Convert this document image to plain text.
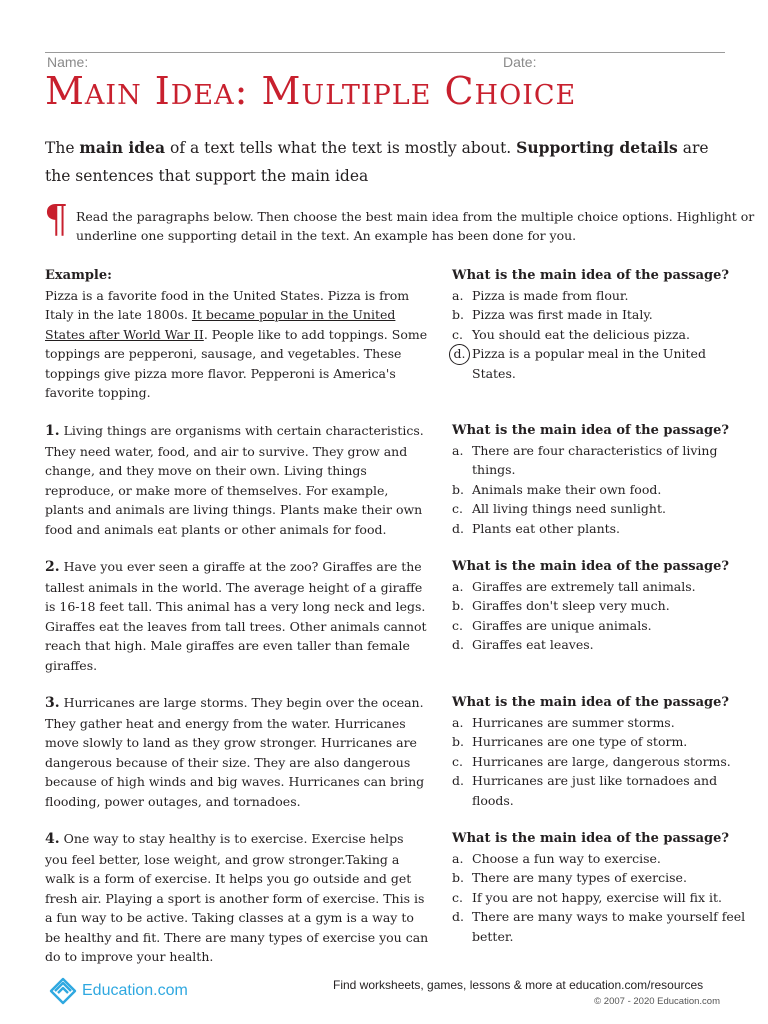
Name:	Date:
Main Idea: Multiple Choice
The main idea of a text tells what the text is mostly about. Supporting details are the sentences that support the main idea
¶ Read the paragraphs below. Then choose the best main idea from the multiple choice options. Highlight or underline one supporting detail in the text. An example has been done for you.
Example:
Pizza is a favorite food in the United States. Pizza is from Italy in the late 1800s. It became popular in the United States after World War II. People like to add toppings. Some toppings are pepperoni, sausage, and vegetables. These toppings give pizza more flavor. Pepperoni is America's favorite topping.
What is the main idea of the passage?
a. Pizza is made from flour.
b. Pizza was first made in Italy.
c. You should eat the delicious pizza.
d. Pizza is a popular meal in the United States.
1. Living things are organisms with certain characteristics. They need water, food, and air to survive. They grow and change, and they move on their own. Living things reproduce, or make more of themselves. For example, plants and animals are living things. Plants make their own food and animals eat plants or other animals for food.
What is the main idea of the passage?
a. There are four characteristics of living things.
b. Animals make their own food.
c. All living things need sunlight.
d. Plants eat other plants.
2. Have you ever seen a giraffe at the zoo? Giraffes are the tallest animals in the world. The average height of a giraffe is 16-18 feet tall. This animal has a very long neck and legs. Giraffes eat the leaves from tall trees. Other animals cannot reach that high. Male giraffes are even taller than female giraffes.
What is the main idea of the passage?
a. Giraffes are extremely tall animals.
b. Giraffes don't sleep very much.
c. Giraffes are unique animals.
d. Giraffes eat leaves.
3. Hurricanes are large storms. They begin over the ocean. They gather heat and energy from the water. Hurricanes move slowly to land as they grow stronger. Hurricanes are dangerous because of their size. They are also dangerous because of high winds and big waves. Hurricanes can bring flooding, power outages, and tornadoes.
What is the main idea of the passage?
a. Hurricanes are summer storms.
b. Hurricanes are one type of storm.
c. Hurricanes are large, dangerous storms.
d. Hurricanes are just like tornadoes and floods.
4. One way to stay healthy is to exercise. Exercise helps you feel better, lose weight, and grow stronger.Taking a walk is a form of exercise. It helps you go outside and get fresh air. Playing a sport is another form of exercise. This is a fun way to be active. Taking classes at a gym is a way to be healthy and fit. There are many types of exercise you can do to improve your health.
What is the main idea of the passage?
a. Choose a fun way to exercise.
b. There are many types of exercise.
c. If you are not happy, exercise will fix it.
d. There are many ways to make yourself feel better.
Education.com	Find worksheets, games, lessons & more at education.com/resources
© 2007 - 2020 Education.com
